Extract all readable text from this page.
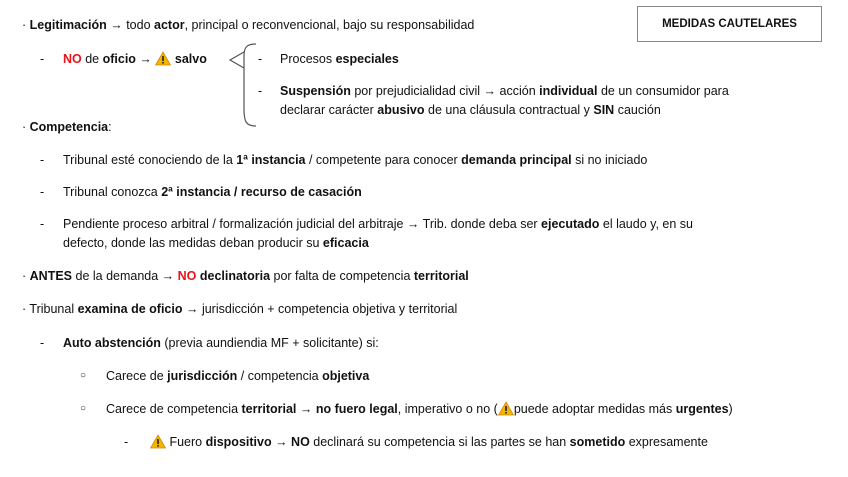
MEDIDAS CAUTELARES
· Legitimación → todo actor, principal o reconvencional, bajo su responsabilidad
- NO de oficio →  salvo	- Procesos especiales
- Suspensión por prejudicialidad civil → acción individual de un consumidor para
declarar carácter abusivo de una cláusula contractual y SIN caución
· Competencia:
- Tribunal esté conociendo de la 1ª instancia / competente para conocer demanda principal si no iniciado
- Tribunal conozca 2ª instancia / recurso de casación
- Pendiente proceso arbitral / formalización judicial del arbitraje → Trib. donde deba ser ejecutado el laudo y, en su
defecto, donde las medidas deban producir su eficacia
· ANTES de la demanda → NO declinatoria por falta de competencia territorial
· Tribunal examina de oficio → jurisdicción + competencia objetiva y territorial
- Auto abstención (previa aundiendia MF + solicitante) si:
○ Carece de jurisdicción / competencia objetiva
○ Carece de competencia territorial → no fuero legal, imperativo o no ( puede adoptar medidas más urgentes)
-	Fuero dispositivo → NO declinará su competencia si las partes se han sometido expresamente
